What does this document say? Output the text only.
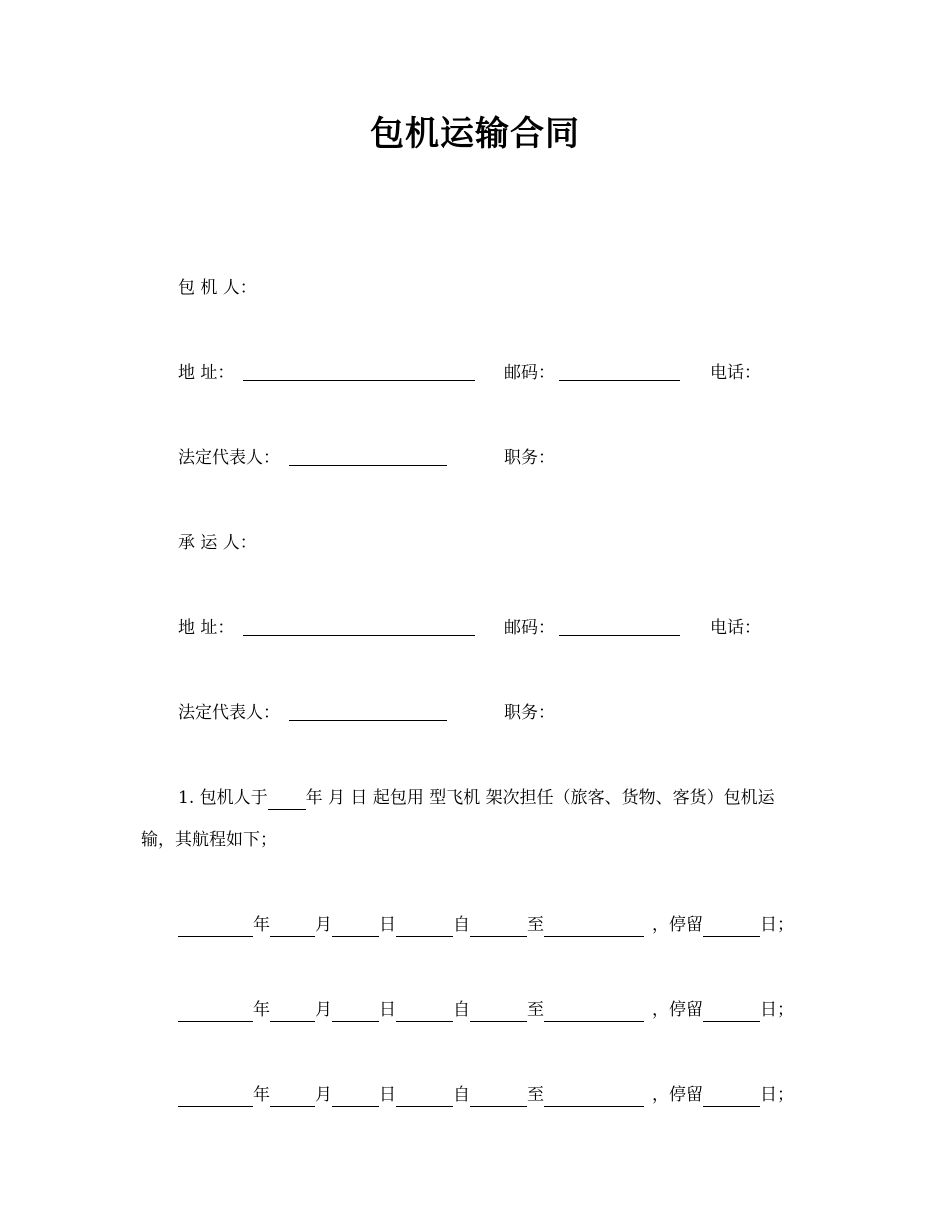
包机运输合同
包 机 人：
地 址：	邮码：	电话：
法定代表人：	职务：
承 运 人：
地 址：	邮码：	电话：
法定代表人：	职务：
1. 包机人于 年 月 日 起包用 型飞机 架次担任（旅客、货物、客货）包机运
输，其航程如下；
年	月	日	自	至	，停留	日；
年	月	日	自	至	，停留	日；
年	月	日	自	至	，停留	日；
